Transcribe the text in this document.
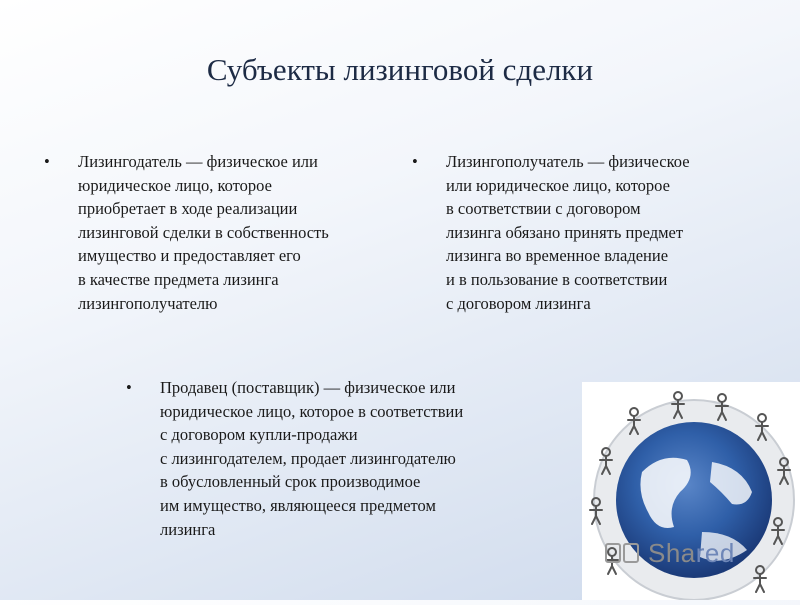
Субъекты лизинговой сделки
• Лизингодатель — физическое или
юридическое лицо, которое
приобретает в ходе реализации
лизинговой сделки в собственность
имущество и предоставляет его
в качестве предмета лизинга
лизингополучателю
• Лизингополучатель — физическое
или юридическое лицо, которое
в соответствии с договором
лизинга обязано принять предмет
лизинга во временное владение
и в пользование в соответствии
с договором лизинга
• Продавец (поставщик) — физическое или
юридическое лицо, которое в соответствии
с договором купли-продажи
с лизингодателем, продает лизингодателю
в обусловленный срок производимое
им имущество, являющееся предметом
лизинга
Shared
